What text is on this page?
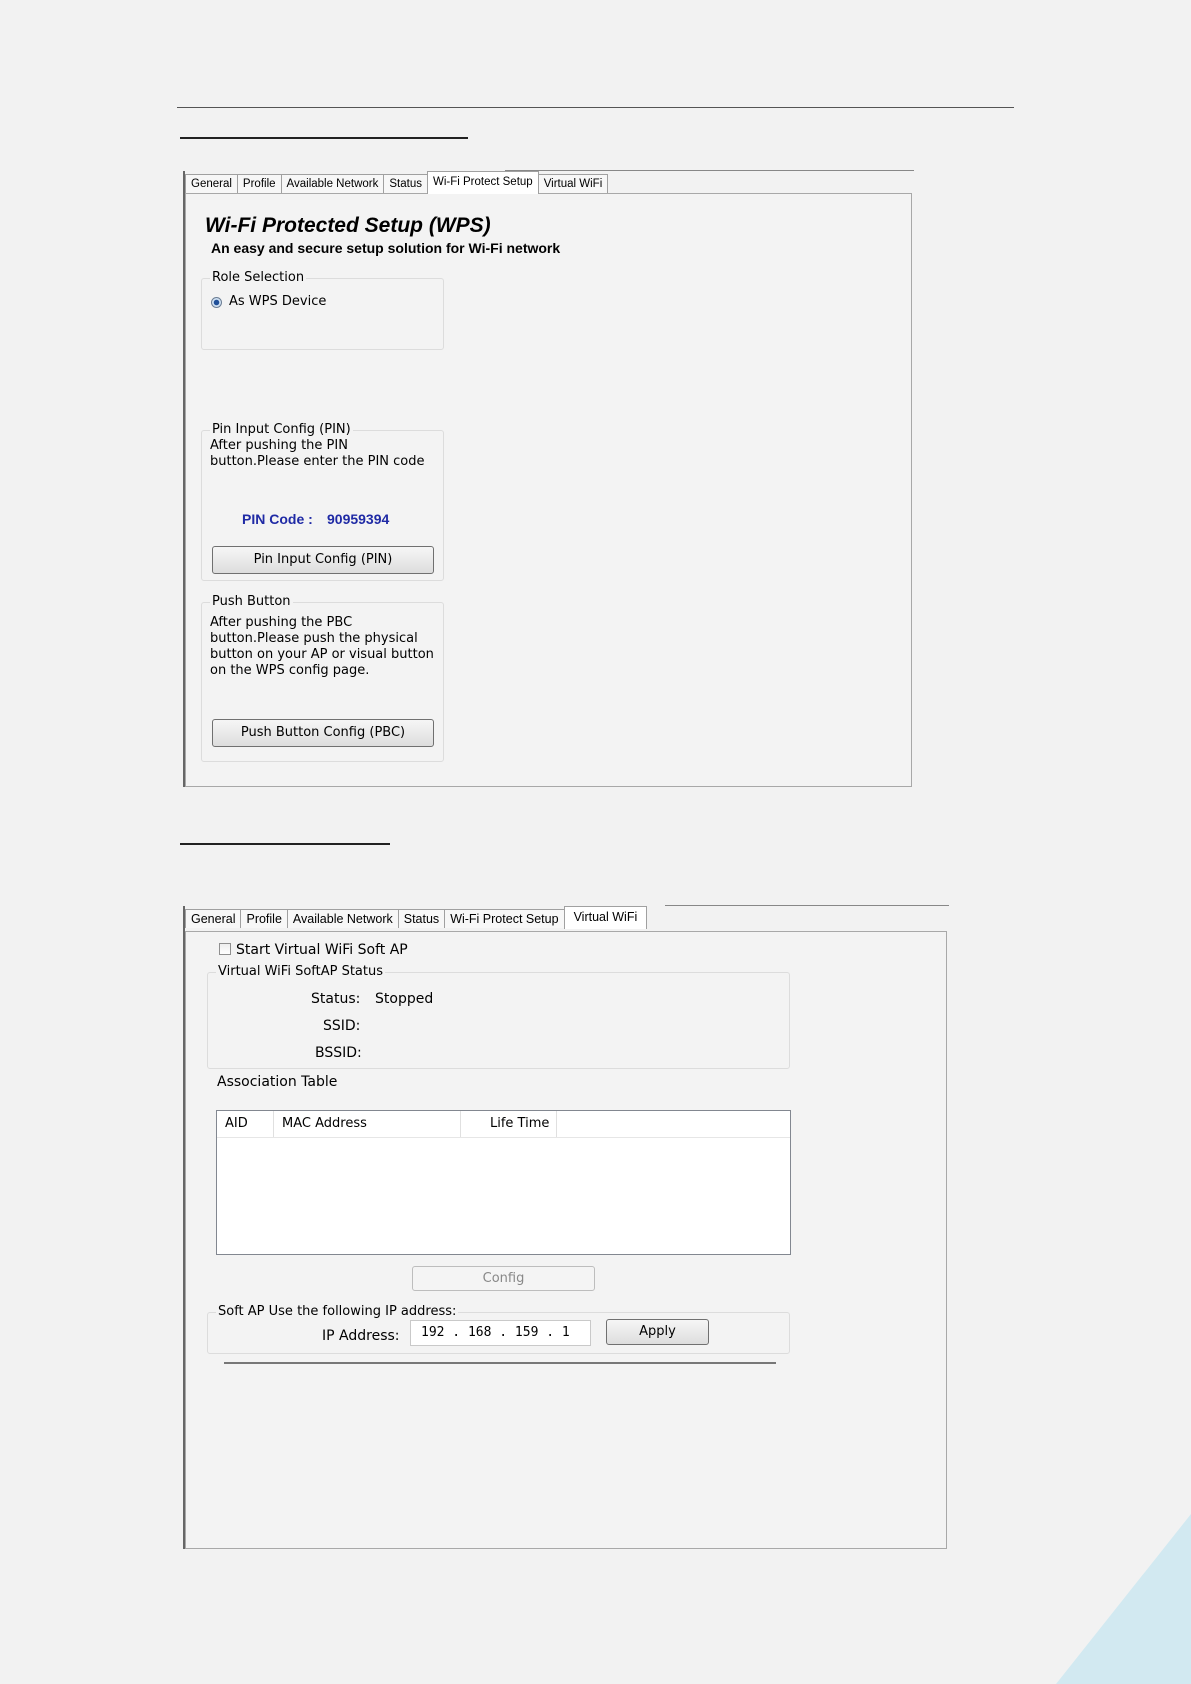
General Profile Available Network Status Wi-Fi Protect Setup Virtual WiFi
Wi-Fi Protected Setup (WPS)
An easy and secure setup solution for Wi-Fi network
Role Selection
As WPS Device
Pin Input Config (PIN)
After pushing the PIN
button.Please enter the PIN code
PIN Code : 90959394
Pin Input Config (PIN)
Push Button
After pushing the PBC
button.Please push the physical
button on your AP or visual button
on the WPS config page.
Push Button Config (PBC)
General Profile Available Network Status Wi-Fi Protect Setup	Virtual WiFi
Start Virtual WiFi Soft AP
Virtual WiFi SoftAP Status
Status: Stopped
SSID:
BSSID:
Association Table
AID	MAC Address	Life Time
Config
Soft AP Use the following IP address:
IP Address:	192 . 168 . 159 . 1	Apply
